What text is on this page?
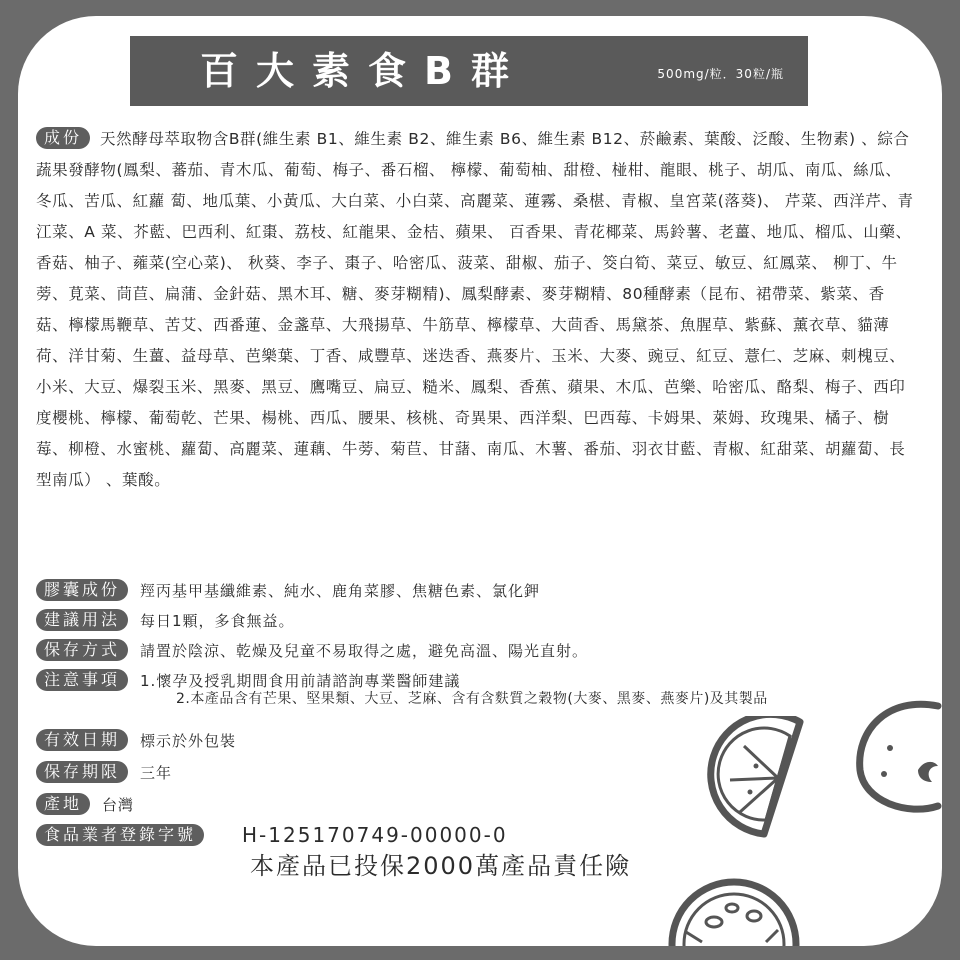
百大素食B群	500mg/粒．30粒/瓶

成份 天然酵母萃取物含B群(維生素 B1、維生素 B2、維生素 B6、維生素 B12、菸鹼素、葉酸、泛酸、生物素) 、綜合蔬果發酵物(鳳梨、蕃茄、青木瓜、葡萄、梅子、番石榴、 檸檬、葡萄柚、甜橙、椪柑、龍眼、桃子、胡瓜、南瓜、絲瓜、冬瓜、苦瓜、紅蘿 蔔、地瓜葉、小黃瓜、大白菜、小白菜、高麗菜、蓮霧、桑椹、青椒、皇宮菜(落葵)、 芹菜、西洋芹、青江菜、A 菜、芥藍、巴西利、紅棗、荔枝、紅龍果、金桔、蘋果、 百香果、青花椰菜、馬鈴薯、老薑、地瓜、榴瓜、山藥、香菇、柚子、蕹菜(空心菜)、 秋葵、李子、棗子、哈密瓜、菠菜、甜椒、茄子、筊白筍、菜豆、敏豆、紅鳳菜、 柳丁、牛蒡、莧菜、茼苣、扁蒲、金針菇、黑木耳、糖、麥芽糊精)、鳳梨酵素、麥芽糊精、80種酵素（昆布、裙帶菜、紫菜、香菇、檸檬馬鞭草、苦艾、西番蓮、金盞草、大飛揚草、牛筋草、檸檬草、大茴香、馬黛茶、魚腥草、紫蘇、薰衣草、貓薄荷、洋甘菊、生薑、益母草、芭樂葉、丁香、咸豐草、迷迭香、燕麥片、玉米、大麥、豌豆、紅豆、薏仁、芝麻、刺槐豆、小米、大豆、爆裂玉米、黑麥、黑豆、鷹嘴豆、扁豆、糙米、鳳梨、香蕉、蘋果、木瓜、芭樂、哈密瓜、酪梨、梅子、西印度櫻桃、檸檬、葡萄乾、芒果、楊桃、西瓜、腰果、核桃、奇異果、西洋梨、巴西莓、卡姆果、萊姆、玫瑰果、橘子、樹莓、柳橙、水蜜桃、蘿蔔、高麗菜、蓮藕、牛蒡、菊苣、甘藷、南瓜、木薯、番茄、羽衣甘藍、青椒、紅甜菜、胡蘿蔔、長型南瓜） 、葉酸。

膠囊成份	羥丙基甲基纖維素、純水、鹿角菜膠、焦糖色素、氯化鉀
建議用法	每日1顆，多食無益。
保存方式	請置於陰涼、乾燥及兒童不易取得之處，避免高溫、陽光直射。
注意事項	1.懷孕及授乳期間食用前請諮詢專業醫師建議
2.本產品含有芒果、堅果類、大豆、芝麻、含有含麩質之穀物(大麥、黑麥、燕麥片)及其製品
有效日期	標示於外包裝
保存期限	三年
產地	台灣
食品業者登錄字號	H-125170749-00000-0
本產品已投保2000萬產品責任險
